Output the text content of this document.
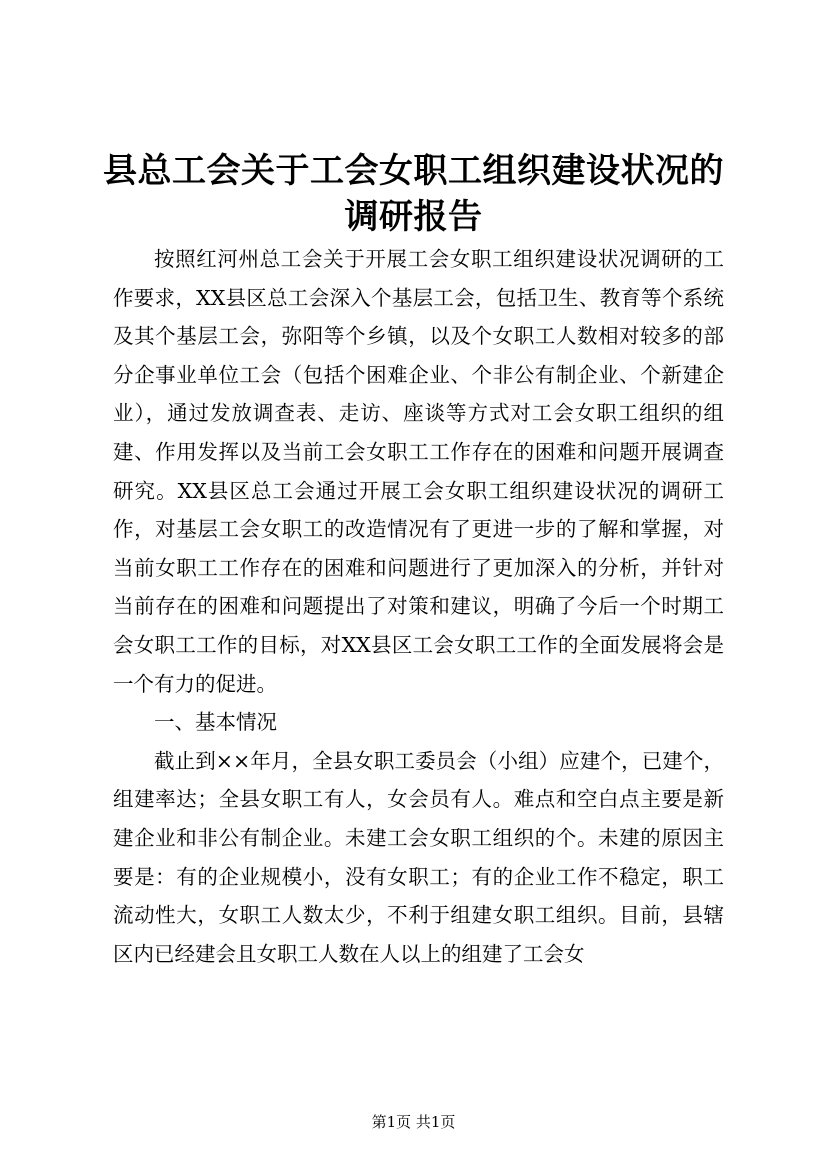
县总工会关于工会女职工组织建设状况的调研报告

按照红河州总工会关于开展工会女职工组织建设状况调研的工作要求，XX县区总工会深入个基层工会，包括卫生、教育等个系统及其个基层工会，弥阳等个乡镇，以及个女职工人数相对较多的部分企事业单位工会（包括个困难企业、个非公有制企业、个新建企业），通过发放调查表、走访、座谈等方式对工会女职工组织的组建、作用发挥以及当前工会女职工工作存在的困难和问题开展调查研究。XX县区总工会通过开展工会女职工组织建设状况的调研工作，对基层工会女职工的改造情况有了更进一步的了解和掌握，对当前女职工工作存在的困难和问题进行了更加深入的分析，并针对当前存在的困难和问题提出了对策和建议，明确了今后一个时期工会女职工工作的目标，对XX县区工会女职工工作的全面发展将会是一个有力的促进。

一、基本情况

截止到××年月，全县女职工委员会（小组）应建个，已建个，组建率达；全县女职工有人，女会员有人。难点和空白点主要是新建企业和非公有制企业。未建工会女职工组织的个。未建的原因主要是：有的企业规模小，没有女职工；有的企业工作不稳定，职工流动性大，女职工人数太少，不利于组建女职工组织。目前，县辖区内已经建会且女职工人数在人以上的组建了工会女

第1页 共1页
